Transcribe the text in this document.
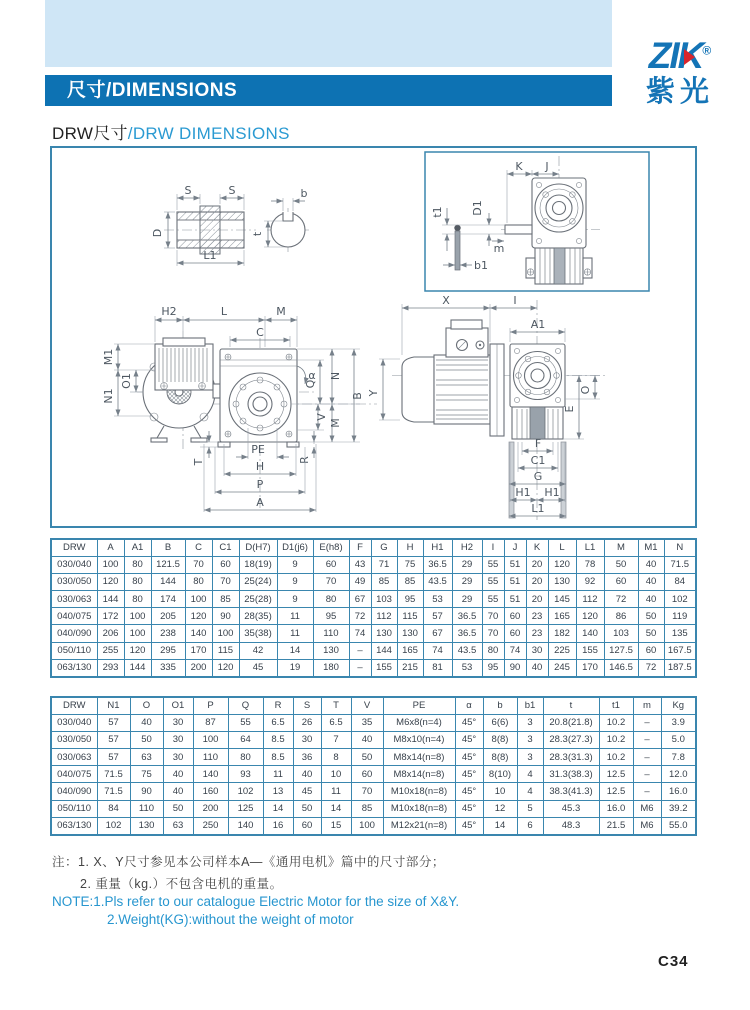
尺寸/DIMENSIONS
ZIK®
紫光
DRW尺寸/DRW DIMENSIONS
S	S
D
L1
b
t
K J
t1 D1
m
b1
H2	L	M
C
M1
O1
N1
α
Q
N
B
V
M
T	R
PE
H
P
A
X	I
A1
Y	O
E
F
C1
G
H1 H1
L1
DRW	A	A1	B	C	C1	D(H7)	D1(j6)	E(h8)	F	G	H	H1	H2	I	J	K	L	L1	M	M1	N
030/040	100	80	121.5	70	60	18(19)	9	60	43	71	75	36.5	29	55	51	20	120	78	50	40	71.5
030/050	120	80	144	80	70	25(24)	9	70	49	85	85	43.5	29	55	51	20	130	92	60	40	84
030/063	144	80	174	100	85	25(28)	9	80	67	103	95	53	29	55	51	20	145	112	72	40	102
040/075	172	100	205	120	90	28(35)	11	95	72	112	115	57	36.5	70	60	23	165	120	86	50	119
040/090	206	100	238	140	100	35(38)	11	110	74	130	130	67	36.5	70	60	23	182	140	103	50	135
050/110	255	120	295	170	115	42	14	130	–	144	165	74	43.5	80	74	30	225	155	127.5	60	167.5
063/130	293	144	335	200	120	45	19	180	–	155	215	81	53	95	90	40	245	170	146.5	72	187.5
DRW	N1	O	O1	P	Q	R	S	T	V	PE	α	b	b1	t	t1	m	Kg
030/040	57	40	30	87	55	6.5	26	6.5	35	M6x8(n=4)	45°	6(6)	3	20.8(21.8)	10.2	–	3.9
030/050	57	50	30	100	64	8.5	30	7	40	M8x10(n=4)	45°	8(8)	3	28.3(27.3)	10.2	–	5.0
030/063	57	63	30	110	80	8.5	36	8	50	M8x14(n=8)	45°	8(8)	3	28.3(31.3)	10.2	–	7.8
040/075	71.5	75	40	140	93	11	40	10	60	M8x14(n=8)	45°	8(10)	4	31.3(38.3)	12.5	–	12.0
040/090	71.5	90	40	160	102	13	45	11	70	M10x18(n=8)	45°	10	4	38.3(41.3)	12.5	–	16.0
050/110	84	110	50	200	125	14	50	14	85	M10x18(n=8)	45°	12	5	45.3	16.0	M6	39.2
063/130	102	130	63	250	140	16	60	15	100	M12x21(n=8)	45°	14	6	48.3	21.5	M6	55.0
注：1. X、Y尺寸参见本公司样本A—《通用电机》篇中的尺寸部分；
2. 重量（kg.）不包含电机的重量。
NOTE:1.Pls refer to our catalogue Electric Motor for the size of X&Y.
2.Weight(KG):without the weight of motor
C34
